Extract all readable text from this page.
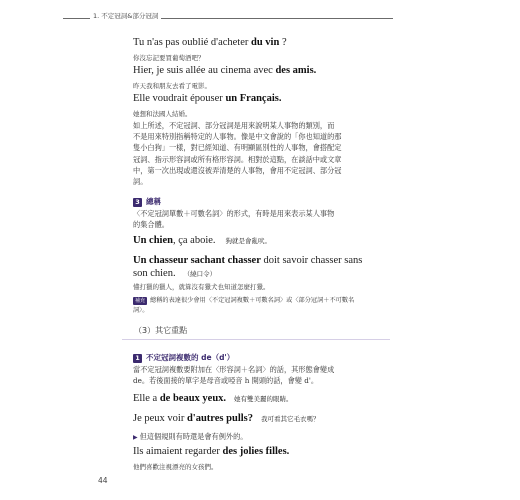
1. 不定冠詞&部分冠詞
Tu n'as pas oublié d'acheter du vin ?
你沒忘記要買葡萄酒吧？
Hier, je suis allée au cinema avec des amis.
昨天我和朋友去看了電影。
Elle voudrait épouser un Français.
她想和法國人結婚。
如上所述，不定冠詞、部分冠詞是用來說明某人事物的類別，而
不是用來特別指稱特定的人事物。像是中文會說的「你也知道的那
隻小白狗」一樣，對已經知道、有明顯區別性的人事物，會搭配定
冠詞、指示形容詞或所有格形容詞。相對於這點，在談話中或文章
中，第一次出現或還沒被弄清楚的人事物，會用不定冠詞、部分冠
詞。
3 總稱
〈不定冠詞單數＋可數名詞〉的形式，有時是用來表示某人事物
的集合體。
Un chien, ça aboie. 狗就是會亂吠。
Un chasseur sachant chasser doit savoir chasser sans
son chien. （繞口令）
懂打獵的獵人，就算沒有獵犬也知道怎麼打獵。
補充 總稱的表達很少會用〈不定冠詞複數＋可數名詞〉或〈部分冠詞＋不可數名
詞〉。
（3）其它重點
1 不定冠詞複數的 de（d'）
當不定冠詞複數要附加在〈形容詞＋名詞〉的話，其形態會變成
de。若後面接的單字是母音或啞音 h 開頭的話，會變 d'。
Elle a de beaux yeux. 她有雙美麗的眼睛。
Je peux voir d'autres pulls? 我可看其它毛衣嗎？
▶ 但這個規則有時還是會有例外的。
Ils aimaient regarder des jolies filles.
他們喜歡注視漂亮的女孩們。
44
